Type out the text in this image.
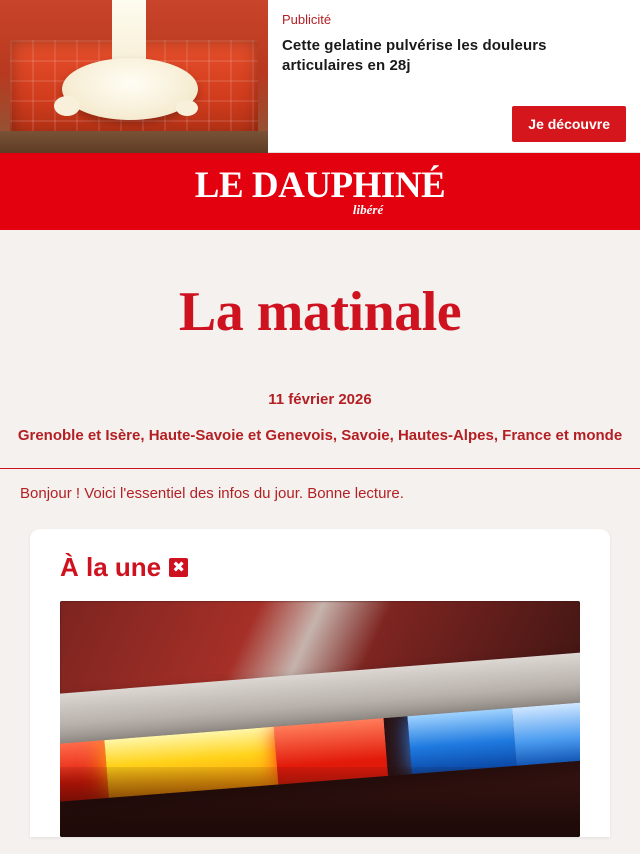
Publicité

Cette gelatine pulvérise les douleurs articulaires en 28j

Je découvre
LE DAUPHINÉ
libéré
La matinale

11 février 2026

Grenoble et Isère, Haute-Savoie et Genevois, Savoie, Hautes-Alpes, France et monde

Bonjour ! Voici l'essentiel des infos du jour. Bonne lecture.

À la une ✖
